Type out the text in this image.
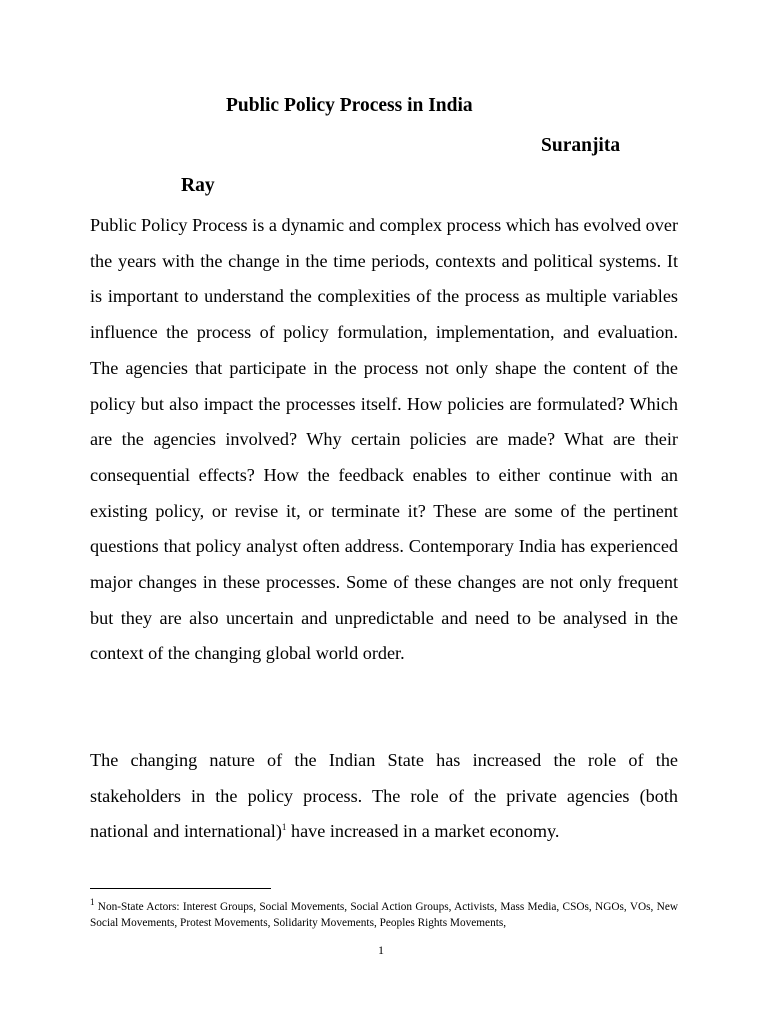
Public Policy Process in India
Suranjita
Ray

Public Policy Process is a dynamic and complex process which has evolved over the years with the change in the time periods, contexts and political systems. It is important to understand the complexities of the process as multiple variables influence the process of policy formulation, implementation, and evaluation. The agencies that participate in the process not only shape the content of the policy but also impact the processes itself. How policies are formulated? Which are the agencies involved? Why certain policies are made? What are their consequential effects? How the feedback enables to either continue with an existing policy, or revise it, or terminate it? These are some of the pertinent questions that policy analyst often address. Contemporary India has experienced major changes in these processes. Some of these changes are not only frequent but they are also uncertain and unpredictable and need to be analysed in the context of the changing global world order.

The changing nature of the Indian State has increased the role of the stakeholders in the policy process. The role of the private agencies (both national and international)$^1$ have increased in a market economy.

$^1$ Non-State Actors: Interest Groups, Social Movements, Social Action Groups, Activists, Mass Media, CSOs, NGOs, VOs, New Social Movements, Protest Movements, Solidarity Movements, Peoples Rights Movements,

1
